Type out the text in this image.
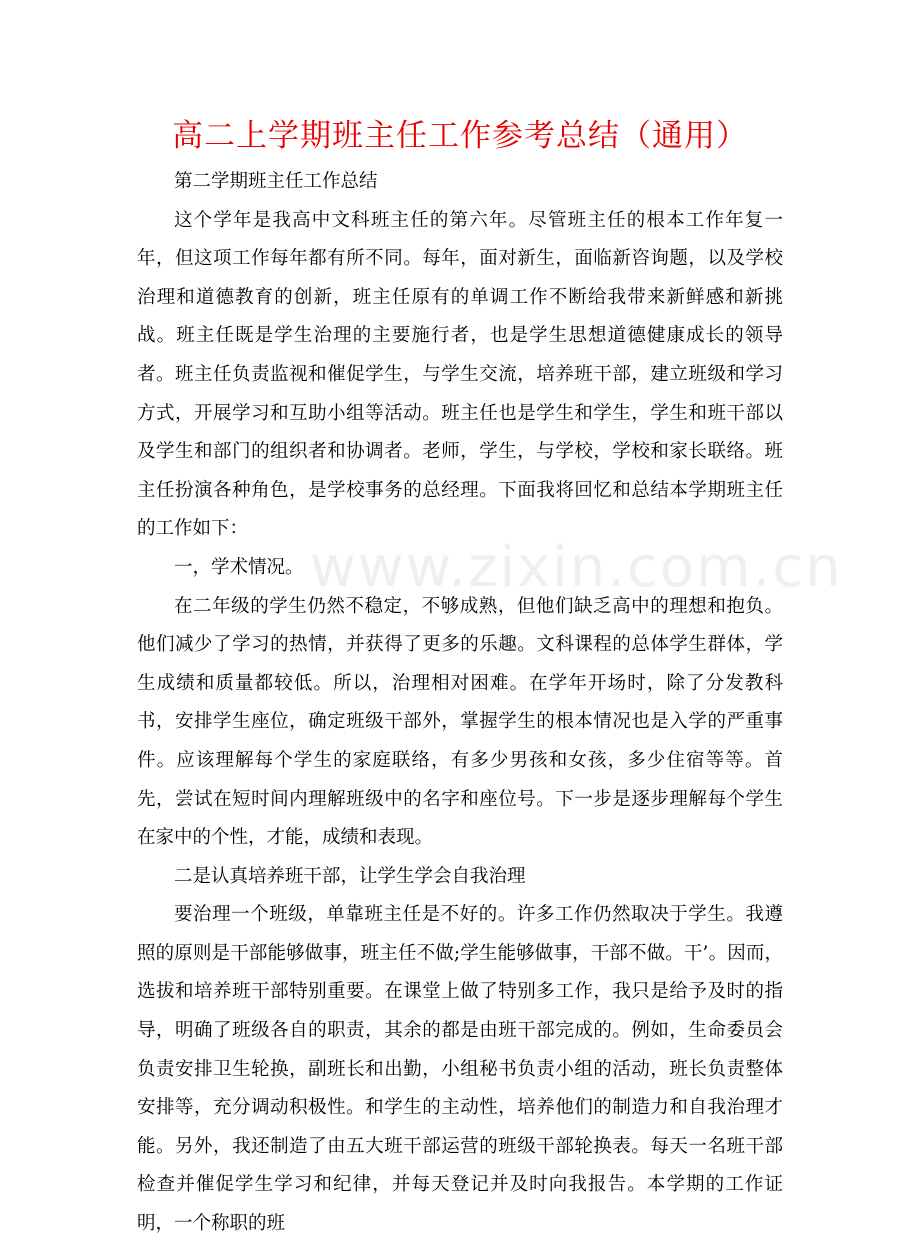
高二上学期班主任工作参考总结（通用）

第二学期班主任工作总结

这个学年是我高中文科班主任的第六年。尽管班主任的根本工作年复一年，但这项工作每年都有所不同。每年，面对新生，面临新咨询题，以及学校治理和道德教育的创新，班主任原有的单调工作不断给我带来新鲜感和新挑战。班主任既是学生治理的主要施行者，也是学生思想道德健康成长的领导者。班主任负责监视和催促学生，与学生交流，培养班干部，建立班级和学习方式，开展学习和互助小组等活动。班主任也是学生和学生，学生和班干部以及学生和部门的组织者和协调者。老师，学生，与学校，学校和家长联络。班主任扮演各种角色，是学校事务的总经理。下面我将回忆和总结本学期班主任的工作如下：

一，学术情况。

在二年级的学生仍然不稳定，不够成熟，但他们缺乏高中的理想和抱负。他们减少了学习的热情，并获得了更多的乐趣。文科课程的总体学生群体，学生成绩和质量都较低。所以，治理相对困难。在学年开场时，除了分发教科书，安排学生座位，确定班级干部外，掌握学生的根本情况也是入学的严重事件。应该理解每个学生的家庭联络，有多少男孩和女孩，多少住宿等等。首先，尝试在短时间内理解班级中的名字和座位号。下一步是逐步理解每个学生在家中的个性，才能，成绩和表现。

二是认真培养班干部，让学生学会自我治理

要治理一个班级，单靠班主任是不好的。许多工作仍然取决于学生。我遵照的原则是干部能够做事，班主任不做;学生能够做事，干部不做。干’。因而，选拔和培养班干部特别重要。在课堂上做了特别多工作，我只是给予及时的指导，明确了班级各自的职责，其余的都是由班干部完成的。例如，生命委员会负责安排卫生轮换，副班长和出勤，小组秘书负责小组的活动，班长负责整体安排等，充分调动积极性。和学生的主动性，培养他们的制造力和自我治理才能。另外，我还制造了由五大班干部运营的班级干部轮换表。每天一名班干部检查并催促学生学习和纪律，并每天登记并及时向我报告。本学期的工作证明，一个称职的班

www.zixin.com.cn
